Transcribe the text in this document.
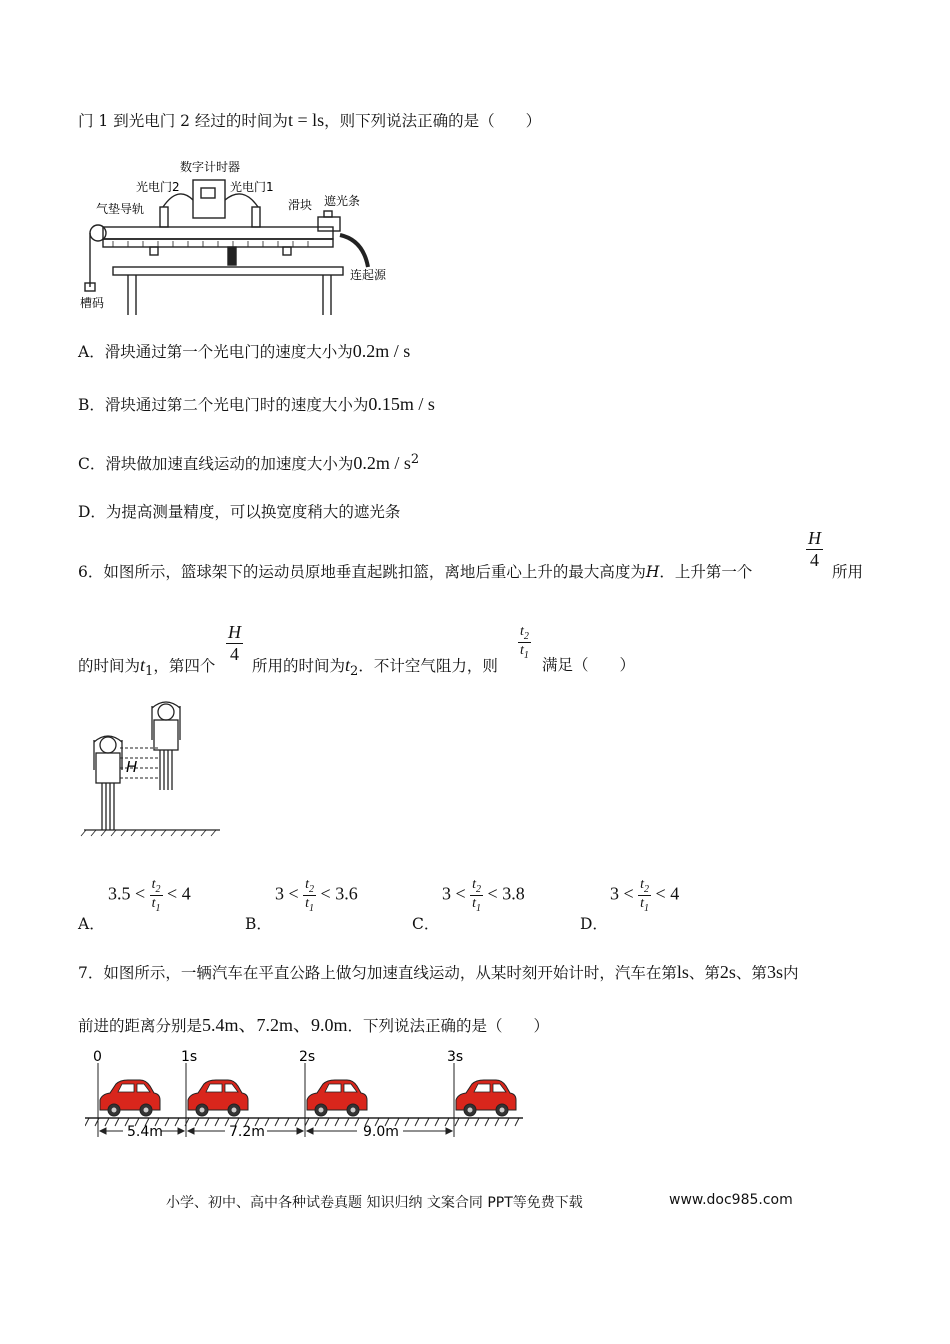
门 1 到光电门 2 经过的时间为t = ls，则下列说法正确的是（　　）
数字计时器
光电门2	光电门1
气垫导轨	滑块 遮光条
连起源
槽码
A．滑块通过第一个光电门的速度大小为0.2m / s
B．滑块通过第二个光电门时的速度大小为0.15m / s
C．滑块做加速直线运动的加速度大小为$0.2m / s^2$
D．为提高测量精度，可以换宽度稍大的遮光条
6．如图所示，篮球架下的运动员原地垂直起跳扣篮，离地后重心上升的最大高度为H．上升第一个
$\frac{H}{4}$
所用
的时间为$t_1$，第四个
$\frac{H}{4}$
所用的时间为$t_2$．不计空气阻力，则
$\frac{t_2}{t_1}$
满足（　　）
H
A．
$3.5 < \frac{t_2}{t_1} < 4$
B．
$3 < \frac{t_2}{t_1} < 3.6$
C．
$3 < \frac{t_2}{t_1} < 3.8$
D．
$3 < \frac{t_2}{t_1} < 4$
7．如图所示，一辆汽车在平直公路上做匀加速直线运动，从某时刻开始计时，汽车在第ls、第2s、第3s内
前进的距离分别是5.4m、7.2m、9.0m．下列说法正确的是（　　）
0	1s	2s	3s
5.4m	7.2m	9.0m
小学、初中、高中各种试卷真题 知识归纳 文案合同 PPT等免费下载	www.doc985.com
